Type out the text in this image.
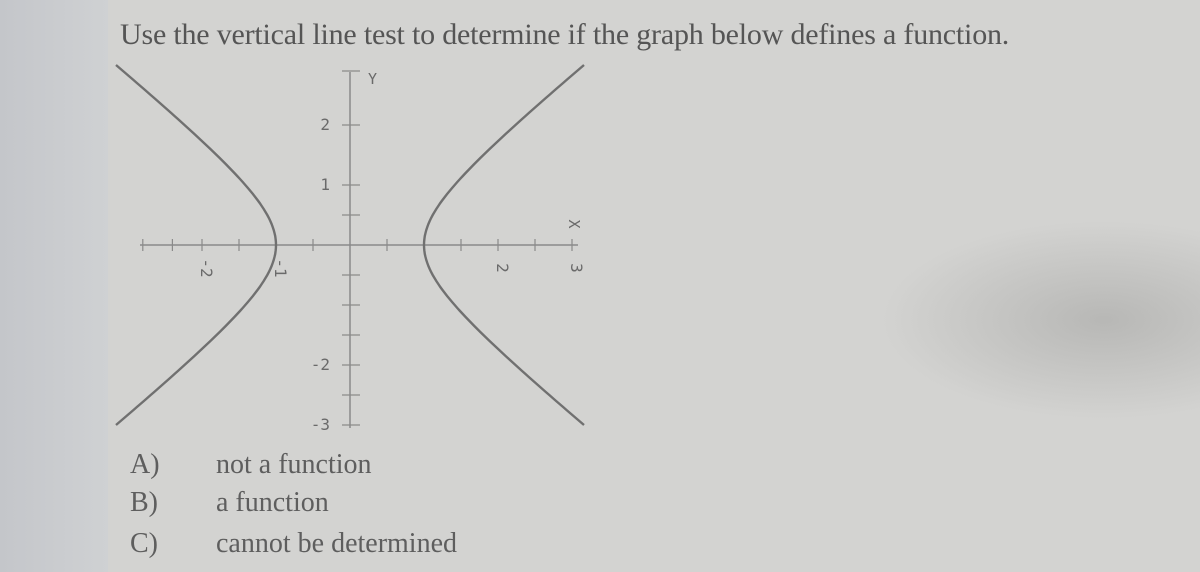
Use the vertical line test to determine if the graph below defines a function.
-2	-1	2	3
2
1
-2
-3
Y
X
A) not a function
B) a function
C) cannot be determined
